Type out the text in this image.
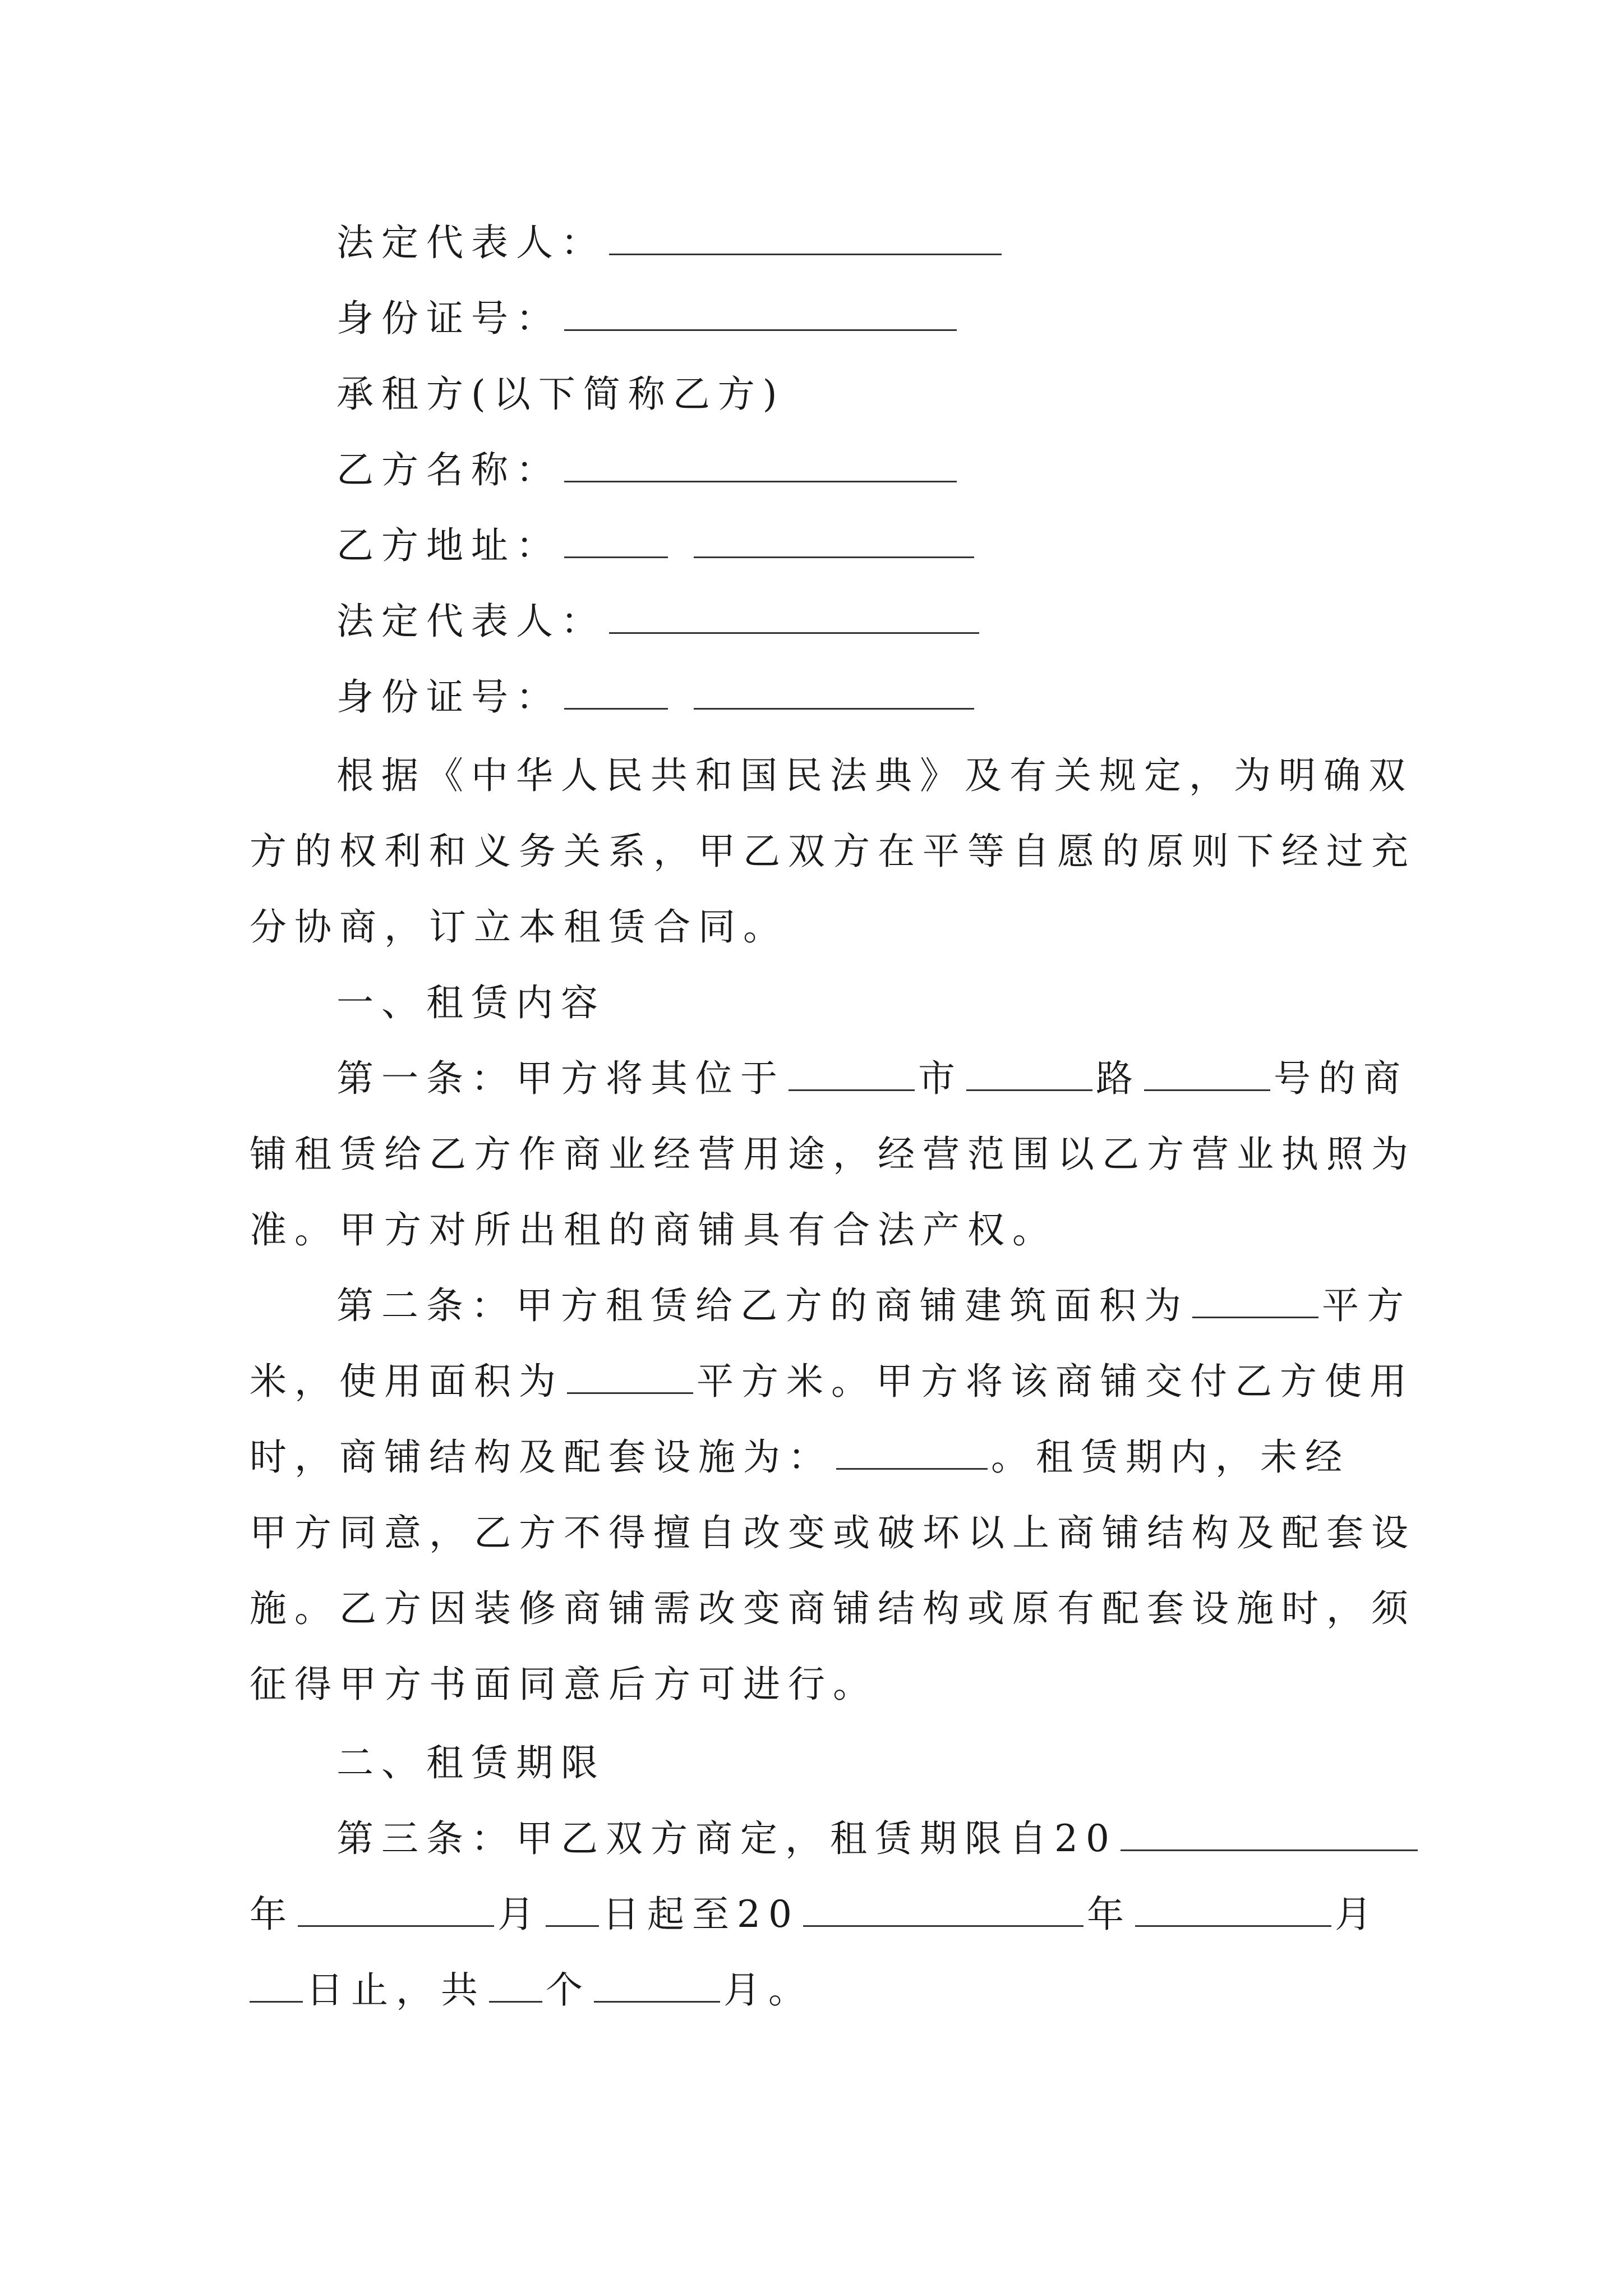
法定代表人：
身份证号：
承租方(以下简称乙方)
乙方名称：
乙方地址：
法定代表人：
身份证号：
根据《中华人民共和国民法典》及有关规定，为明确双
方的权利和义务关系，甲乙双方在平等自愿的原则下经过充
分协商，订立本租赁合同。
一、租赁内容
第一条：甲方将其位于	市	路	号的商
铺租赁给乙方作商业经营用途，经营范围以乙方营业执照为
准。甲方对所出租的商铺具有合法产权。
第二条：甲方租赁给乙方的商铺建筑面积为	平方
米，使用面积为	平方米。甲方将该商铺交付乙方使用
时，商铺结构及配套设施为：	。租赁期内，未经
甲方同意，乙方不得擅自改变或破坏以上商铺结构及配套设
施。乙方因装修商铺需改变商铺结构或原有配套设施时，须
征得甲方书面同意后方可进行。
二、租赁期限
第三条：甲乙双方商定，租赁期限自20
年	月 日起至20	年	月
日止，共 个	月。
